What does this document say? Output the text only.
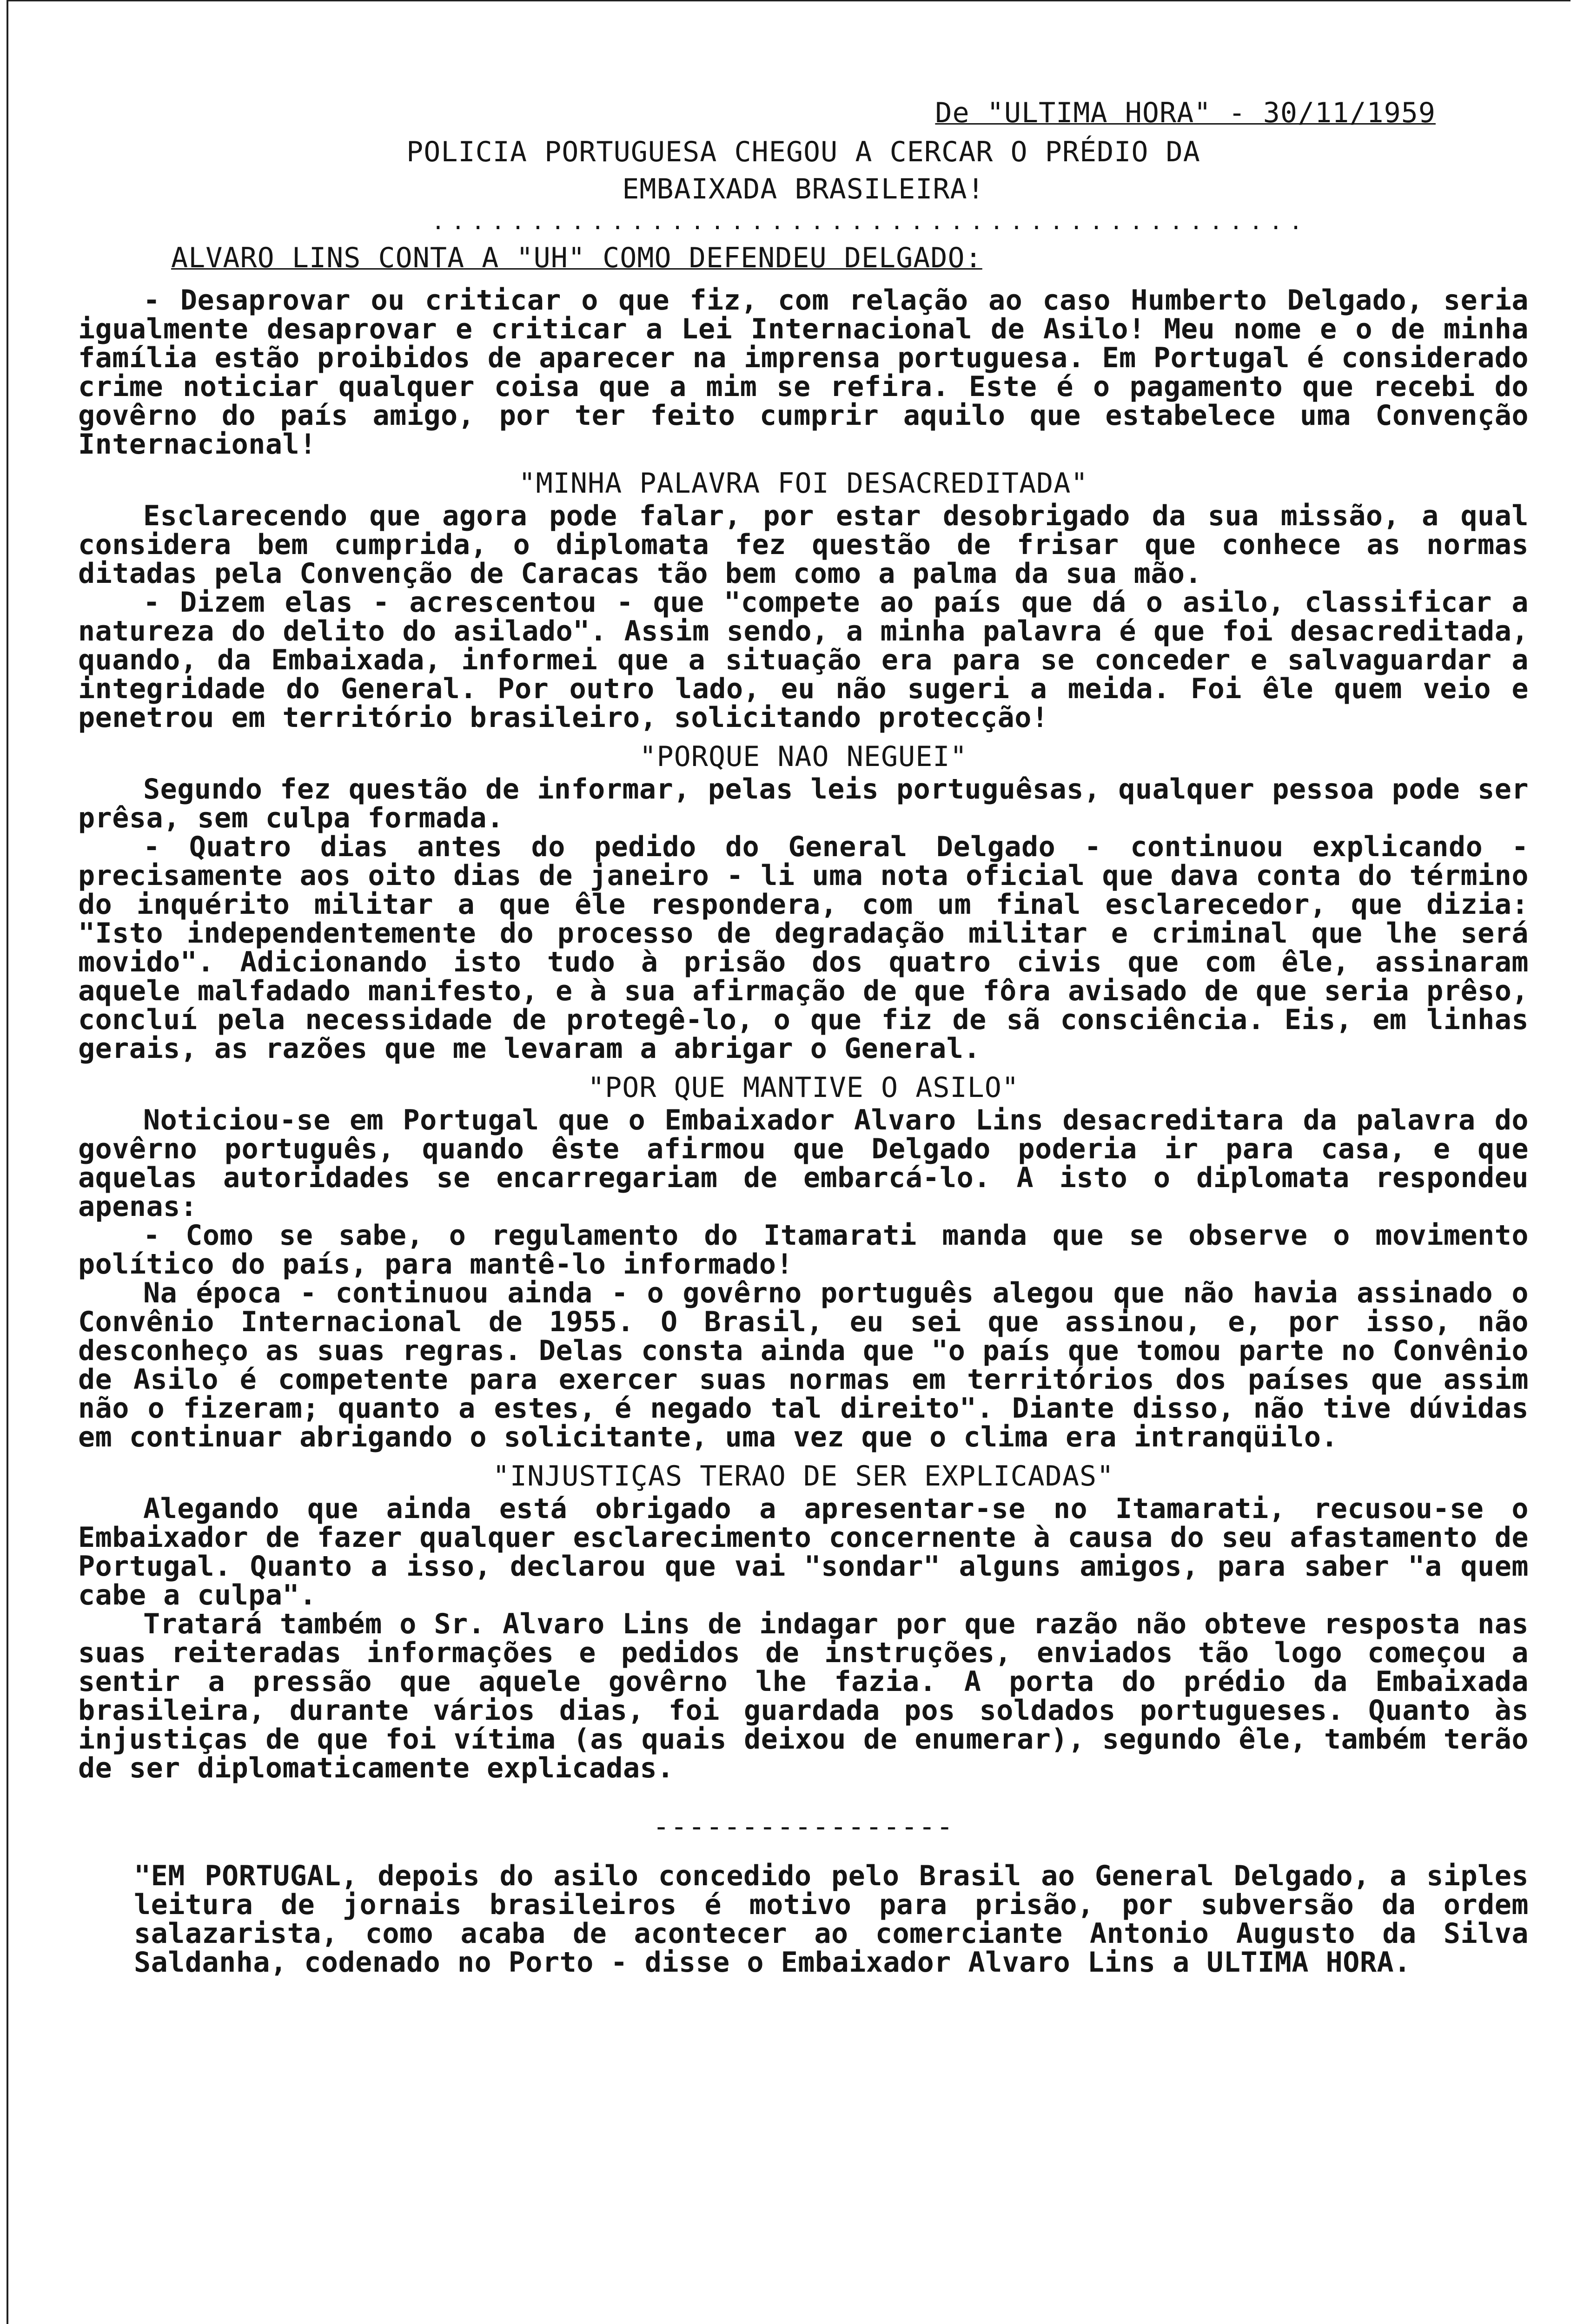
De "ULTIMA HORA" - 30/11/1959
POLICIA PORTUGUESA CHEGOU A CERCAR O PRÉDIO DA
EMBAIXADA BRASILEIRA!
............................................
ALVARO LINS CONTA A "UH" COMO DEFENDEU DELGADO:

- Desaprovar ou criticar o que fiz, com relação ao caso Humberto Delgado, seria igualmente desaprovar e criticar a Lei Internacional de Asilo! Meu nome e o de minha família estão proibidos de aparecer na imprensa portuguesa. Em Portugal é considerado crime noticiar qualquer coisa que a mim se refira. Este é o pagamento que recebi do govêrno do país amigo, por ter feito cumprir aquilo que estabelece uma Convenção Internacional!

"MINHA PALAVRA FOI DESACREDITADA"

Esclarecendo que agora pode falar, por estar desobrigado da sua missão, a qual considera bem cumprida, o diplomata fez questão de frisar que conhece as normas ditadas pela Convenção de Caracas tão bem como a palma da sua mão.

- Dizem elas - acrescentou - que "compete ao país que dá o asilo, classificar a natureza do delito do asilado". Assim sendo, a minha palavra é que foi desacreditada, quando, da Embaixada, informei que a situação era para se conceder e salvaguardar a integridade do General. Por outro lado, eu não sugeri a meida. Foi êle quem veio e penetrou em território brasileiro, solicitando protecção!

"PORQUE NAO NEGUEI"

Segundo fez questão de informar, pelas leis portuguêsas, qualquer pessoa pode ser prêsa, sem culpa formada.

- Quatro dias antes do pedido do General Delgado - continuou explicando - precisamente aos oito dias de janeiro - li uma nota oficial que dava conta do término do inquérito militar a que êle respondera, com um final esclarecedor, que dizia: "Isto independentemente do processo de degradação militar e criminal que lhe será movido". Adicionando isto tudo à prisão dos quatro civis que com êle, assinaram aquele malfadado manifesto, e à sua afirmação de que fôra avisado de que seria prêso, concluí pela necessidade de protegê-lo, o que fiz de sã consciência. Eis, em linhas gerais, as razões que me levaram a abrigar o General.

"POR QUE MANTIVE O ASILO"

Noticiou-se em Portugal que o Embaixador Alvaro Lins desacreditara da palavra do govêrno português, quando êste afirmou que Delgado poderia ir para casa, e que aquelas autoridades se encarregariam de embarcá-lo. A isto o diplomata respondeu apenas:

- Como se sabe, o regulamento do Itamarati manda que se observe o movimento político do país, para mantê-lo informado!

Na época - continuou ainda - o govêrno português alegou que não havia assinado o Convênio Internacional de 1955. O Brasil, eu sei que assinou, e, por isso, não desconheço as suas regras. Delas consta ainda que "o país que tomou parte no Convênio de Asilo é competente para exercer suas normas em territórios dos países que assim não o fizeram; quanto a estes, é negado tal direito". Diante disso, não tive dúvidas em continuar abrigando o solicitante, uma vez que o clima era intranqüilo.

"INJUSTIÇAS TERAO DE SER EXPLICADAS"

Alegando que ainda está obrigado a apresentar-se no Itamarati, recusou-se o Embaixador de fazer qualquer esclarecimento concernente à causa do seu afastamento de Portugal. Quanto a isso, declarou que vai "sondar" alguns amigos, para saber "a quem cabe a culpa".

Tratará também o Sr. Alvaro Lins de indagar por que razão não obteve resposta nas suas reiteradas informações e pedidos de instruções, enviados tão logo começou a sentir a pressão que aquele govêrno lhe fazia. A porta do prédio da Embaixada brasileira, durante vários dias, foi guardada pos soldados portugueses. Quanto às injustiças de que foi vítima (as quais deixou de enumerar), segundo êle, também terão de ser diplomaticamente explicadas.

-----------------

"EM PORTUGAL, depois do asilo concedido pelo Brasil ao General Delgado, a siples leitura de jornais brasileiros é motivo para prisão, por subversão da ordem salazarista, como acaba de acontecer ao comerciante Antonio Augusto da Silva Saldanha, codenado no Porto - disse o Embaixador Alvaro Lins a ULTIMA HORA.
